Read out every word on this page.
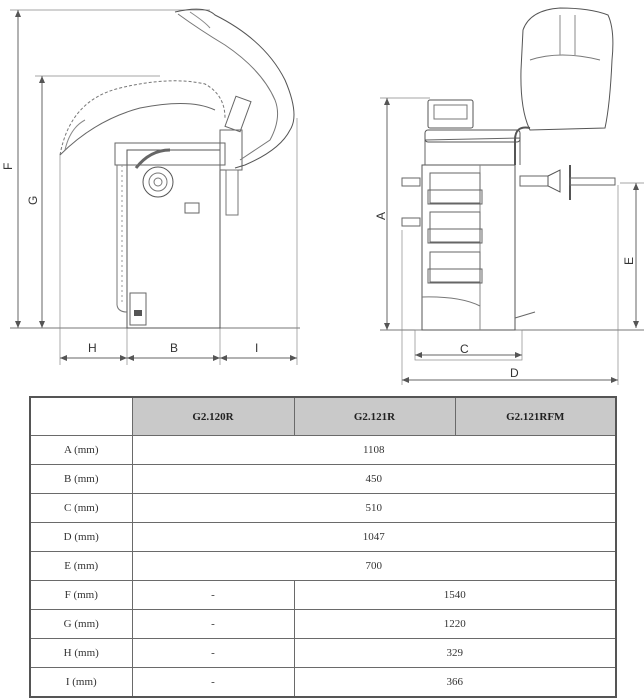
F
G
H	B	I
A
C
D
E
	G2.120R	G2.121R	G2.121RFM
A (mm)	1108		
B (mm)	450		
C (mm)	510		
D (mm)	1047		
E (mm)	700		
F (mm)	-	1540	
G (mm)	-	1220	
H (mm)	-	329	
I (mm)	-	366	
